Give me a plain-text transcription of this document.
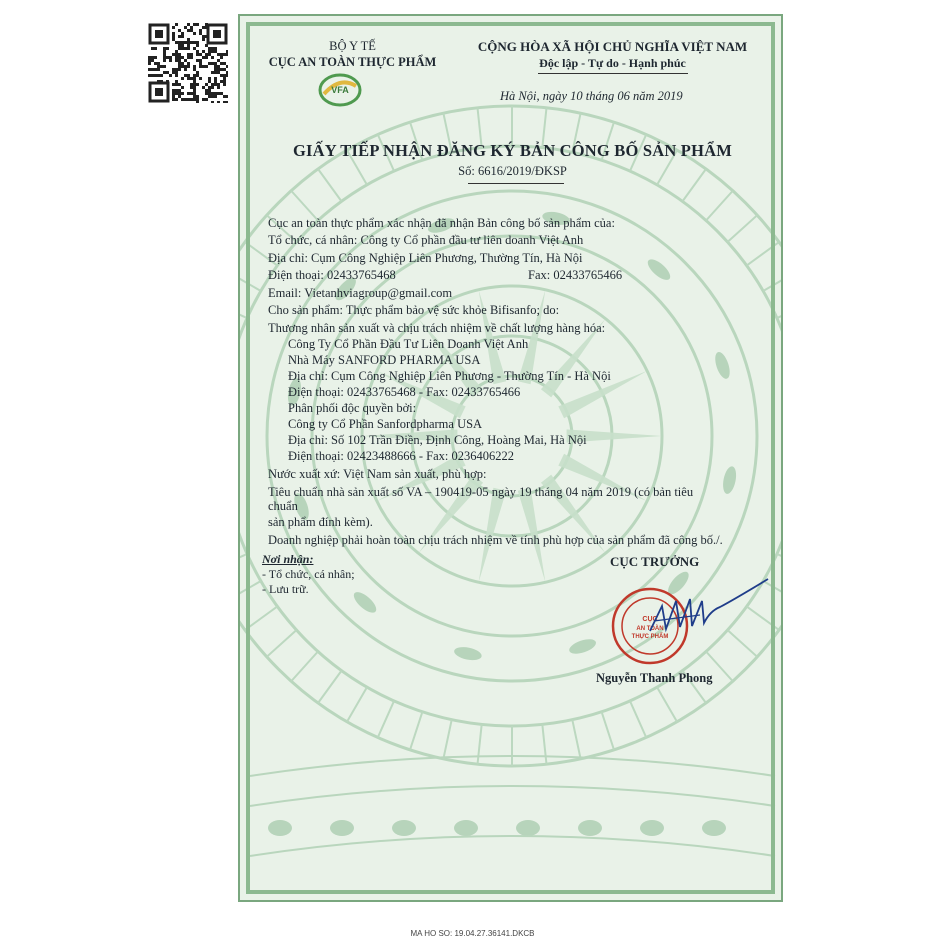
BỘ Y TẾ
CỤC AN TOÀN THỰC PHẨM
VFA
CỘNG HÒA XÃ HỘI CHỦ NGHĨA VIỆT NAM
Độc lập - Tự do - Hạnh phúc
Hà Nội, ngày 10 tháng 06 năm 2019
GIẤY TIẾP NHẬN ĐĂNG KÝ BẢN CÔNG BỐ SẢN PHẨM
Số: 6616/2019/ĐKSP
Cục an toàn thực phẩm xác nhận đã nhận Bản công bố sản phẩm của:
Tổ chức, cá nhân: Công ty Cổ phần đầu tư liên doanh Việt Anh
Địa chỉ: Cụm Công Nghiệp Liên Phương, Thường Tín, Hà Nội
Điện thoại: 02433765468	Fax: 02433765466
Email: Vietanhviagroup@gmail.com
Cho sản phẩm: Thực phẩm bảo vệ sức khỏe Bifisanfo; do:
Thương nhân sản xuất và chịu trách nhiệm về chất lượng hàng hóa:
Công Ty Cổ Phần Đầu Tư Liên Doanh Việt Anh
Nhà Máy SANFORD PHARMA USA
Địa chỉ: Cụm Công Nghiệp Liên Phương - Thường Tín - Hà Nội
Điện thoại: 02433765468 - Fax: 02433765466
Phân phối độc quyền bởi:
Công ty Cổ Phần Sanfordpharma USA
Địa chỉ: Số 102 Trần Điền, Định Công, Hoàng Mai, Hà Nội
Điện thoại: 02423488666 - Fax: 0236406222
Nước xuất xứ: Việt Nam sản xuất, phù hợp:
Tiêu chuẩn nhà sản xuất số VA – 190419-05 ngày 19 tháng 04 năm 2019 (có bản tiêu
chuẩn
sản phẩm đính kèm).
Doanh nghiệp phải hoàn toàn chịu trách nhiệm về tính phù hợp của sản phẩm đã công bố./.
Nơi nhận:
- Tổ chức, cá nhân;
- Lưu trữ.
CỤC TRƯỞNG
CỤC
AN TOÀN
THỰC PHẨM
Nguyễn Thanh Phong
MA HO SO: 19.04.27.36141.DKCB
